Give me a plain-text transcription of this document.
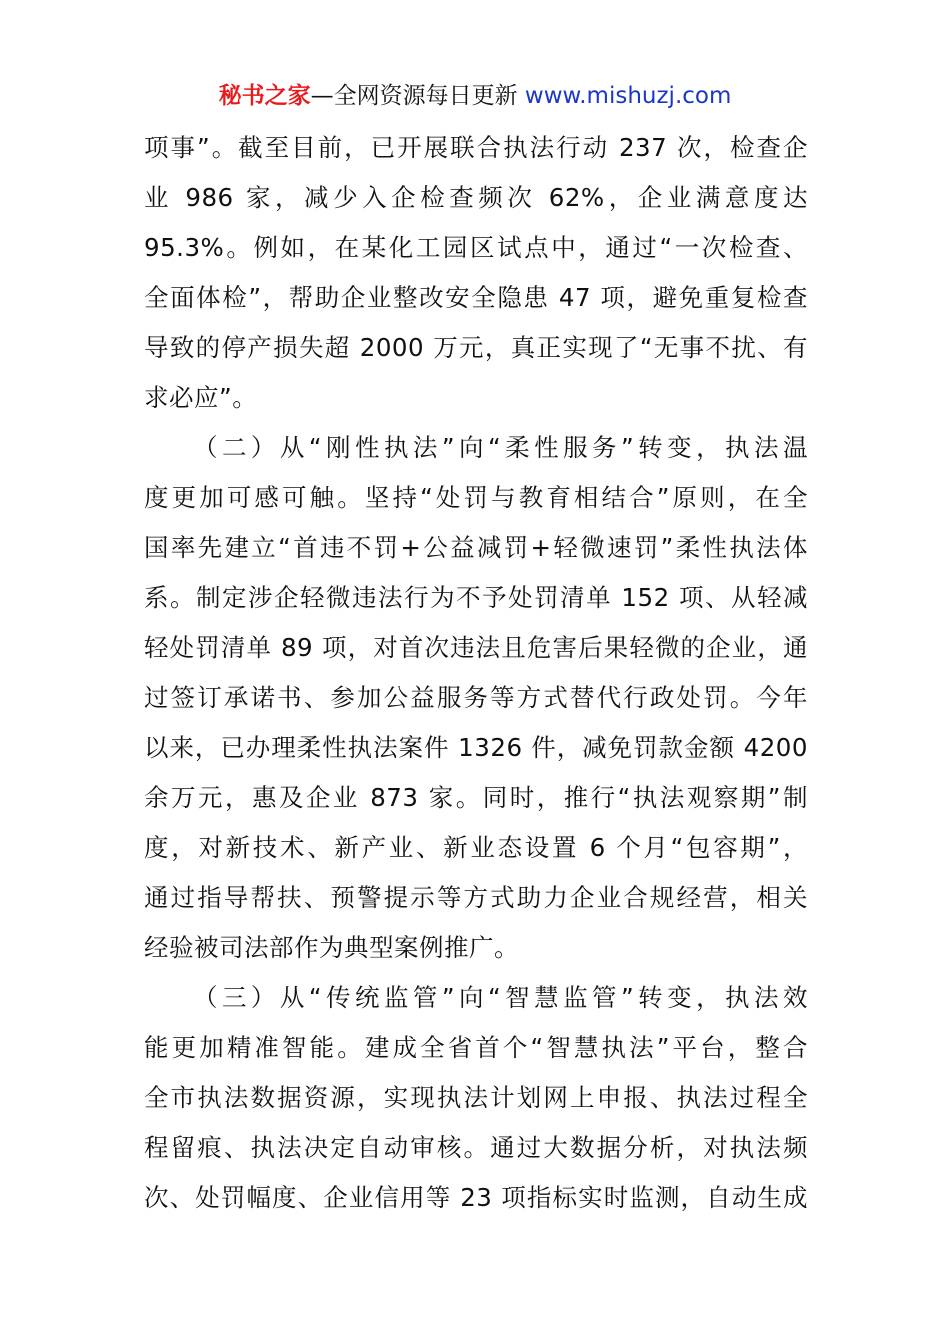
秘书之家—全网资源每日更新 www.mishuzj.com
项事”。截至目前，已开展联合执法行动 237 次，检查企
业 986 家，减少入企检查频次 62%，企业满意度达
95.3%。例如，在某化工园区试点中，通过“一次检查、
全面体检”，帮助企业整改安全隐患 47 项，避免重复检查
导致的停产损失超 2000 万元，真正实现了“无事不扰、有
求必应”。
（二）从“刚性执法”向“柔性服务”转变，执法温
度更加可感可触。坚持“处罚与教育相结合”原则，在全
国率先建立“首违不罚+公益减罚+轻微速罚”柔性执法体
系。制定涉企轻微违法行为不予处罚清单 152 项、从轻减
轻处罚清单 89 项，对首次违法且危害后果轻微的企业，通
过签订承诺书、参加公益服务等方式替代行政处罚。今年
以来，已办理柔性执法案件 1326 件，减免罚款金额 4200
余万元，惠及企业 873 家。同时，推行“执法观察期”制
度，对新技术、新产业、新业态设置 6 个月“包容期”，
通过指导帮扶、预警提示等方式助力企业合规经营，相关
经验被司法部作为典型案例推广。
（三）从“传统监管”向“智慧监管”转变，执法效
能更加精准智能。建成全省首个“智慧执法”平台，整合
全市执法数据资源，实现执法计划网上申报、执法过程全
程留痕、执法决定自动审核。通过大数据分析，对执法频
次、处罚幅度、企业信用等 23 项指标实时监测，自动生成
